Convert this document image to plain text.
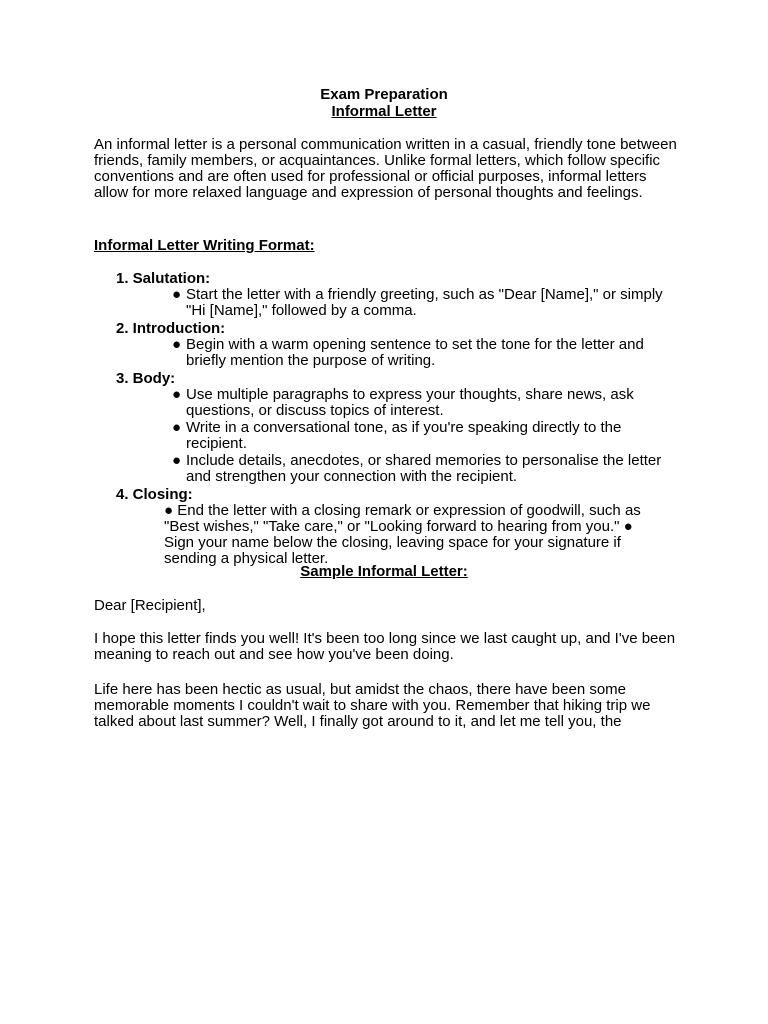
Exam Preparation
Informal Letter

An informal letter is a personal communication written in a casual, friendly tone between friends, family members, or acquaintances. Unlike formal letters, which follow specific conventions and are often used for professional or official purposes, informal letters allow for more relaxed language and expression of personal thoughts and feelings.

Informal Letter Writing Format:

1. Salutation:

● Start the letter with a friendly greeting, such as "Dear [Name]," or simply "Hi [Name]," followed by a comma.

2. Introduction:

● Begin with a warm opening sentence to set the tone for the letter and briefly mention the purpose of writing.

3. Body:

● Use multiple paragraphs to express your thoughts, share news, ask questions, or discuss topics of interest.
● Write in a conversational tone, as if you're speaking directly to the recipient.
● Include details, anecdotes, or shared memories to personalise the letter and strengthen your connection with the recipient.

4. Closing:

● End the letter with a closing remark or expression of goodwill, such as "Best wishes," "Take care," or "Looking forward to hearing from you." ● Sign your name below the closing, leaving space for your signature if sending a physical letter.

Sample Informal Letter:

Dear [Recipient],

I hope this letter finds you well! It's been too long since we last caught up, and I've been meaning to reach out and see how you've been doing.

Life here has been hectic as usual, but amidst the chaos, there have been some memorable moments I couldn't wait to share with you. Remember that hiking trip we talked about last summer? Well, I finally got around to it, and let me tell you, the
